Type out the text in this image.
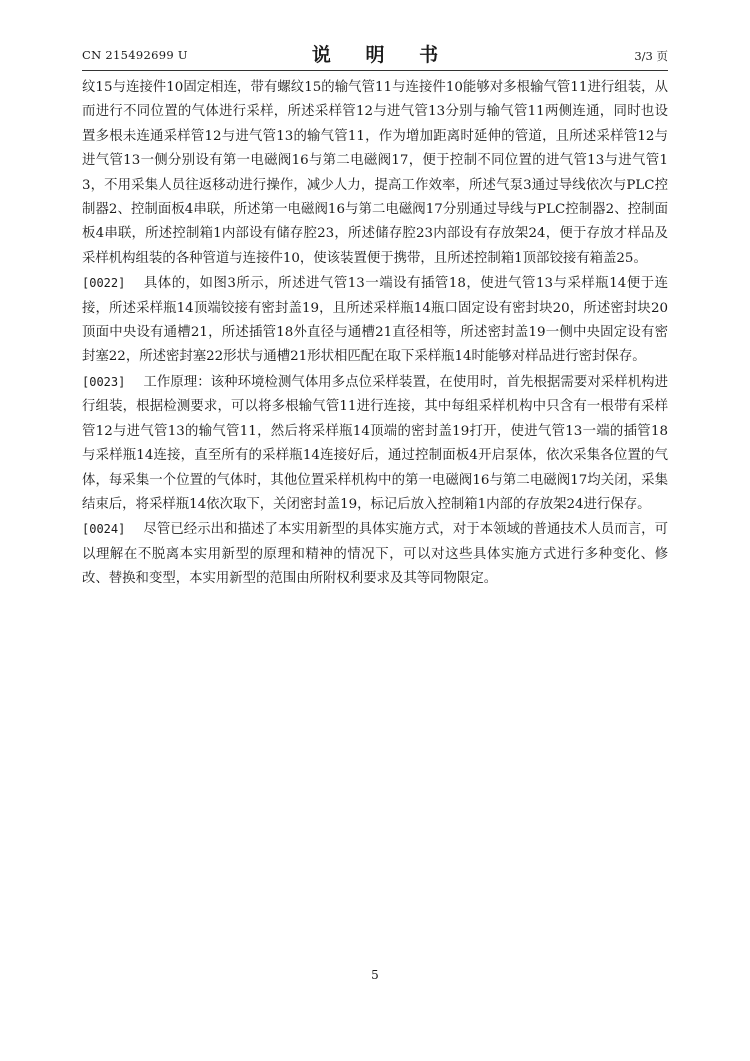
CN 215492699 U	说 明 书	3/3 页

纹15与连接件10固定相连，带有螺纹15的输气管11与连接件10能够对多根输气管11进行组装，从而进行不同位置的气体进行采样，所述采样管12与进气管13分别与输气管11两侧连通，同时也设置多根未连通采样管12与进气管13的输气管11，作为增加距离时延伸的管道，且所述采样管12与进气管13一侧分别设有第一电磁阀16与第二电磁阀17，便于控制不同位置的进气管13与进气管13，不用采集人员往返移动进行操作，减少人力，提高工作效率，所述气泵3通过导线依次与PLC控制器2、控制面板4串联，所述第一电磁阀16与第二电磁阀17分别通过导线与PLC控制器2、控制面板4串联，所述控制箱1内部设有储存腔23，所述储存腔23内部设有存放架24，便于存放才样品及采样机构组装的各种管道与连接件10，使该装置便于携带，且所述控制箱1顶部铰接有箱盖25。

[0022] 具体的，如图3所示，所述进气管13一端设有插管18，使进气管13与采样瓶14便于连接，所述采样瓶14顶端铰接有密封盖19，且所述采样瓶14瓶口固定设有密封块20，所述密封块20顶面中央设有通槽21，所述插管18外直径与通槽21直径相等，所述密封盖19一侧中央固定设有密封塞22，所述密封塞22形状与通槽21形状相匹配在取下采样瓶14时能够对样品进行密封保存。

[0023] 工作原理：该种环境检测气体用多点位采样装置，在使用时，首先根据需要对采样机构进行组装，根据检测要求，可以将多根输气管11进行连接，其中每组采样机构中只含有一根带有采样管12与进气管13的输气管11，然后将采样瓶14顶端的密封盖19打开，使进气管13一端的插管18与采样瓶14连接，直至所有的采样瓶14连接好后，通过控制面板4开启泵体，依次采集各位置的气体，每采集一个位置的气体时，其他位置采样机构中的第一电磁阀16与第二电磁阀17均关闭，采集结束后，将采样瓶14依次取下，关闭密封盖19，标记后放入控制箱1内部的存放架24进行保存。

[0024] 尽管已经示出和描述了本实用新型的具体实施方式，对于本领域的普通技术人员而言，可以理解在不脱离本实用新型的原理和精神的情况下，可以对这些具体实施方式进行多种变化、修改、替换和变型，本实用新型的范围由所附权利要求及其等同物限定。

5
